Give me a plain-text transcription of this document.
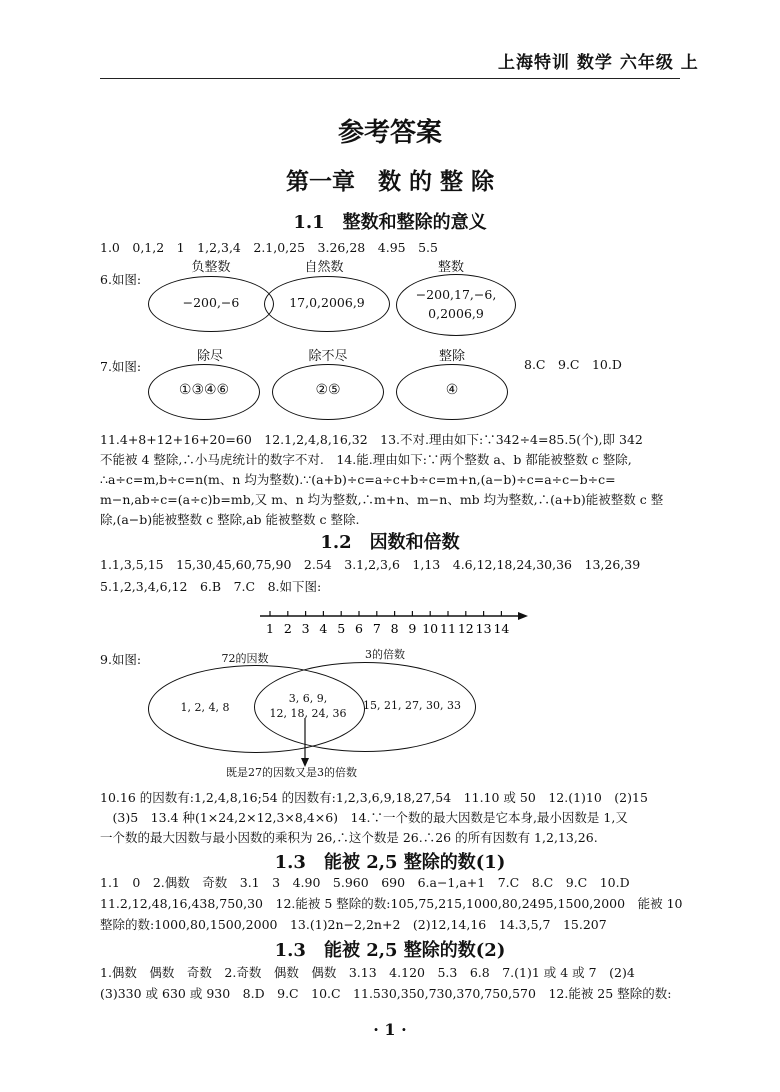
上海特训 数学 六年级 上
参考答案
第一章　数 的 整 除
1.1　整数和整除的意义
1.0　0,1,2　1　1,2,3,4　2.1,0,25　3.26,28　4.95　5.5
6.如图:
负整数
−200,−6
自然数
17,0,2006,9
整数
−200,17,−6,
0,2006,9
7.如图:
除尽
①③④⑥
除不尽
②⑤
整除
④
8.C　9.C　10.D
11.4+8+12+16+20=60　12.1,2,4,8,16,32　13.不对.理由如下:∵342÷4=85.5(个),即 342
不能被 4 整除,∴小马虎统计的数字不对.　14.能.理由如下:∵两个整数 a、b 都能被整数 c 整除,
∴a÷c=m,b÷c=n(m、n 均为整数).∵(a+b)÷c=a÷c+b÷c=m+n,(a−b)÷c=a÷c−b÷c=
m−n,ab÷c=(a÷c)b=mb,又 m、n 均为整数,∴m+n、m−n、mb 均为整数,∴(a+b)能被整数 c 整
除,(a−b)能被整数 c 整除,ab 能被整数 c 整除.
1.2　因数和倍数
1.1,3,5,15　15,30,45,60,75,90　2.54　3.1,2,3,6　1,13　4.6,12,18,24,30,36　13,26,39
5.1,2,3,4,6,12　6.B　7.C　8.如下图:
1 2 3 4 5 6 7 8 9 10 11 12 13 14
9.如图:	72的因数	3的倍数
1, 2, 4, 8
3, 6, 9,
12, 18, 24, 36
15, 21, 27, 30, 33
既是27的因数又是3的倍数
10.16 的因数有:1,2,4,8,16;54 的因数有:1,2,3,6,9,18,27,54　11.10 或 50　12.(1)10　(2)15
　(3)5　13.4 种(1×24,2×12,3×8,4×6)　14.∵一个数的最大因数是它本身,最小因数是 1,又
一个数的最大因数与最小因数的乘积为 26,∴这个数是 26.∴26 的所有因数有 1,2,13,26.
1.3　能被 2,5 整除的数(1)
1.1　0　2.偶数　奇数　3.1　3　4.90　5.960　690　6.a−1,a+1　7.C　8.C　9.C　10.D
11.2,12,48,16,438,750,30　12.能被 5 整除的数:105,75,215,1000,80,2495,1500,2000　能被 10
整除的数:1000,80,1500,2000　13.(1)2n−2,2n+2　(2)12,14,16　14.3,5,7　15.207
1.3　能被 2,5 整除的数(2)
1.偶数　偶数　奇数　2.奇数　偶数　偶数　3.13　4.120　5.3　6.8　7.(1)1 或 4 或 7　(2)4
(3)330 或 630 或 930　8.D　9.C　10.C　11.530,350,730,370,750,570　12.能被 25 整除的数:
· 1 ·
